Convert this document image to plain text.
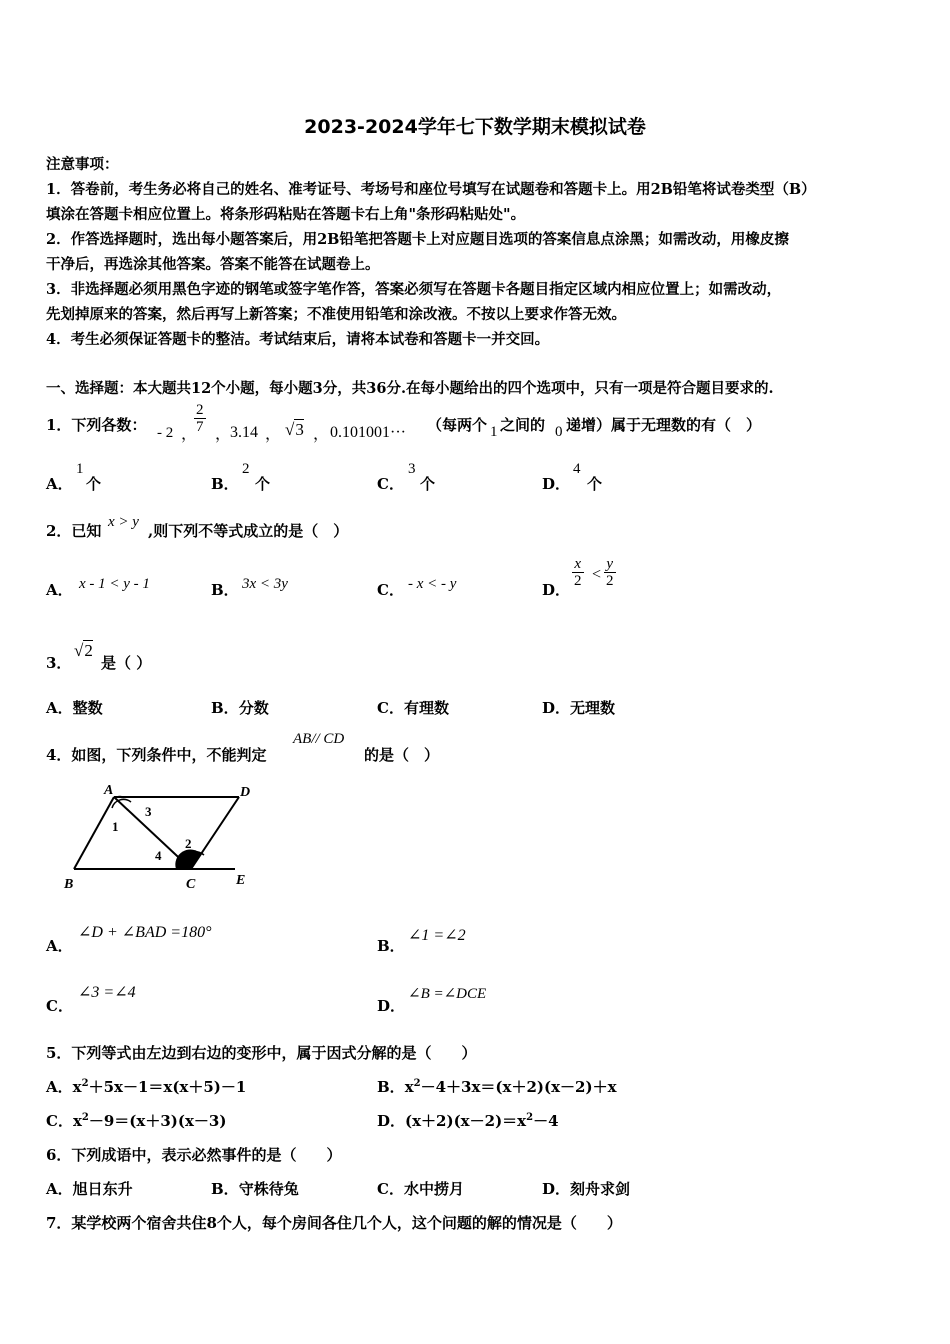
2023-2024学年七下数学期末模拟试卷
注意事项：
1．答卷前，考生务必将自己的姓名、准考证号、考场号和座位号填写在试题卷和答题卡上。用2B铅笔将试卷类型（B）
填涂在答题卡相应位置上。将条形码粘贴在答题卡右上角"条形码粘贴处"。
2．作答选择题时，选出每小题答案后，用2B铅笔把答题卡上对应题目选项的答案信息点涂黑；如需改动，用橡皮擦
干净后，再选涂其他答案。答案不能答在试题卷上。
3．非选择题必须用黑色字迹的钢笔或签字笔作答，答案必须写在答题卡各题目指定区域内相应位置上；如需改动，
先划掉原来的答案，然后再写上新答案；不准使用铅笔和涂改液。不按以上要求作答无效。
4．考生必须保证答题卡的整洁。考试结束后，请将本试卷和答题卡一并交回。
一、选择题：本大题共12个小题，每小题3分，共36分.在每小题给出的四个选项中，只有一项是符合题目要求的.
1．下列各数： - 2 ，
$\frac{2}{7}$ ，
3.14 ， √3 ， 0.101001··· （每两个 1 之间的 0 递增）属于无理数的有（　）
A．
1
个	B．
2
个	C．
3
个	D．
4
个
2．已知 x > y ,则下列不等式成立的是（　）
A． x - 1 < y - 1	B． 3x < 3y	C． - x < - y	D．
$\frac{x}{2} < \frac{y}{2}$
3．
√2
是（ ）
A．整数	B．分数	C．有理数	D．无理数
4．如图，下列条件中，不能判定
AB// CD
的是（　）
A	D
B	C	E
1
3
4
2
A．
∠D + ∠BAD =180°
B．
∠1 =∠2
C．
∠3 =∠4
D．
∠B =∠DCE
5．下列等式由左边到右边的变形中，属于因式分解的是（　　）
A．$x^2+5x-1=x(x+5)-1$	B．$x^2-4+3x=(x+2)(x-2)+x$
C．$x^2-9=(x+3)(x-3)$	D．$(x+2)(x-2)=x^2-4$
6．下列成语中，表示必然事件的是（　　）
A．旭日东升	B．守株待兔	C．水中捞月	D．刻舟求剑
7．某学校两个宿舍共住8个人，每个房间各住几个人，这个问题的解的情况是（　　）
